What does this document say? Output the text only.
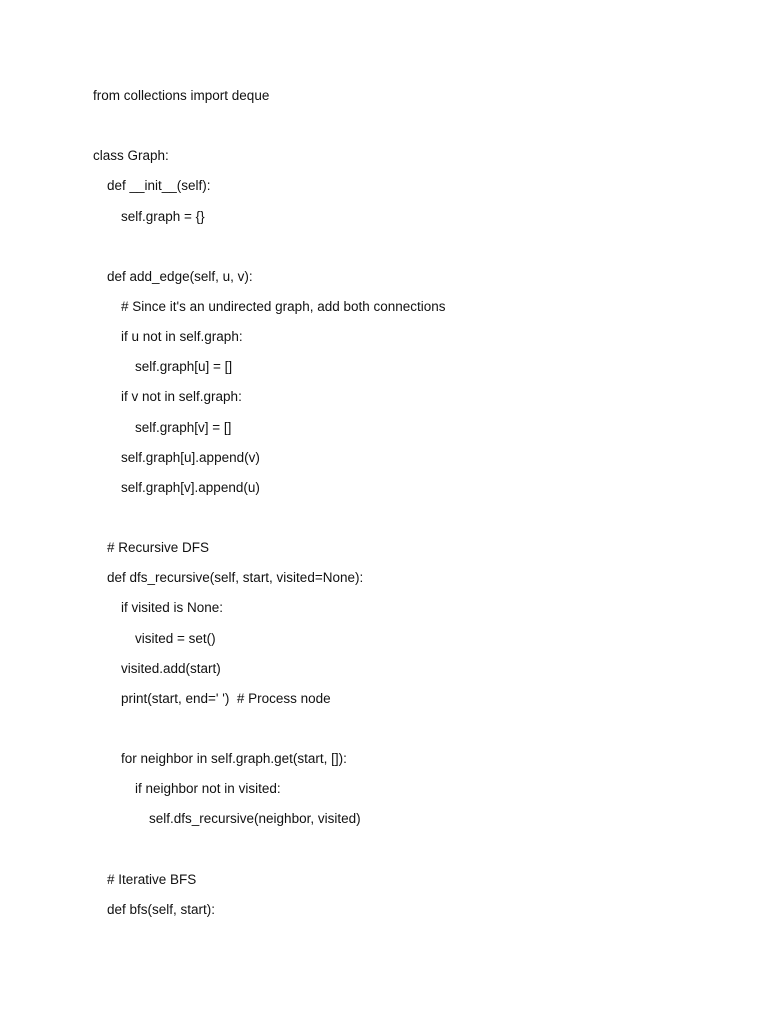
from collections import deque
class Graph:
def __init__(self):
self.graph = {}
def add_edge(self, u, v):
# Since it's an undirected graph, add both connections
if u not in self.graph:
self.graph[u] = []
if v not in self.graph:
self.graph[v] = []
self.graph[u].append(v)
self.graph[v].append(u)
# Recursive DFS
def dfs_recursive(self, start, visited=None):
if visited is None:
visited = set()
visited.add(start)
print(start, end=' ')  # Process node
for neighbor in self.graph.get(start, []):
if neighbor not in visited:
self.dfs_recursive(neighbor, visited)
# Iterative BFS
def bfs(self, start):
